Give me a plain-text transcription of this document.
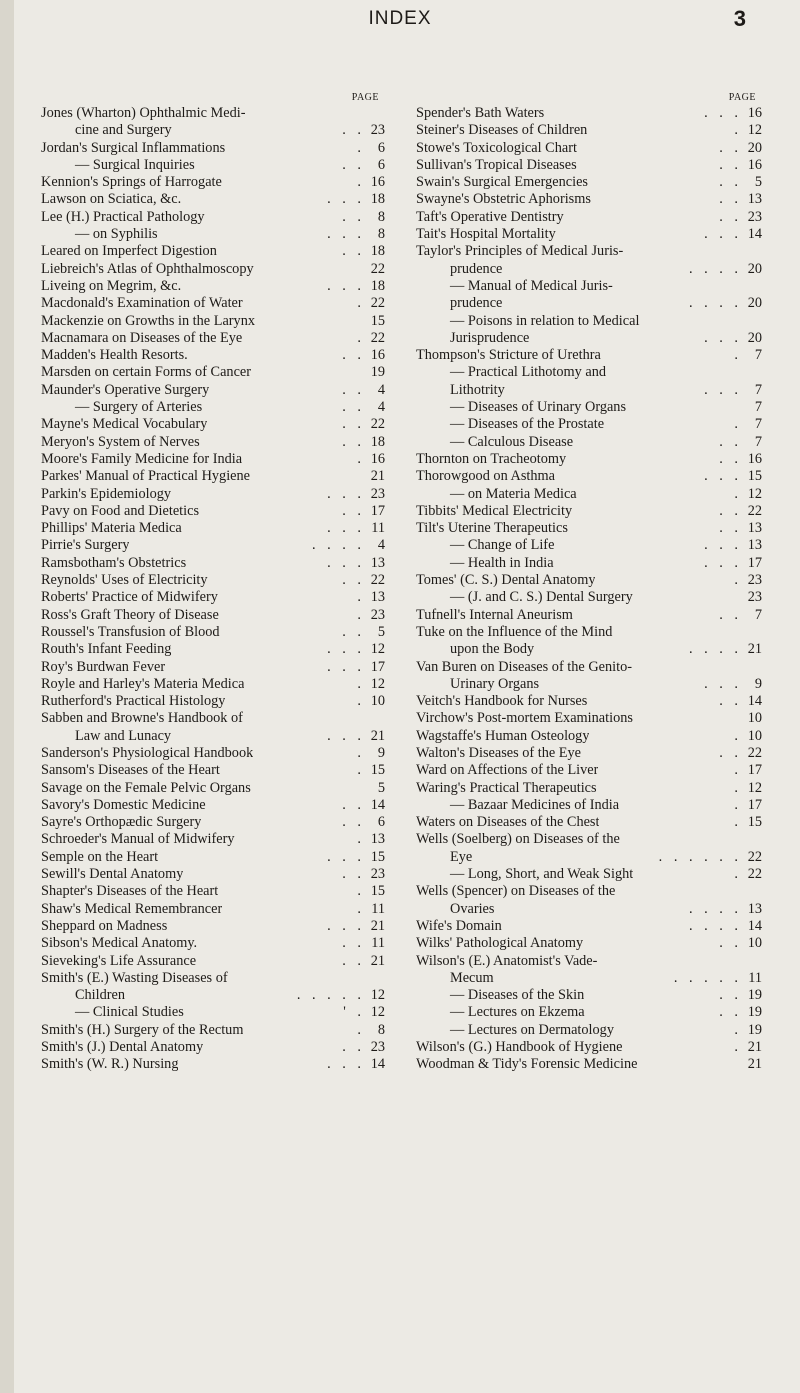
INDEX	3
PAGE
Jones (Wharton) Ophthalmic Medi-
cine and Surgery	. . 23
Jordan's Surgical Inflammations	. 6
— Surgical Inquiries	. . 6
Kennion's Springs of Harrogate	. 16
Lawson on Sciatica, &c.	. . . 18
Lee (H.) Practical Pathology	. . 8
— on Syphilis	. . . 8
Leared on Imperfect Digestion	. . 18
Liebreich's Atlas of Ophthalmoscopy	22
Liveing on Megrim, &c.	. . . 18
Macdonald's Examination of Water	. 22
Mackenzie on Growths in the Larynx	15
Macnamara on Diseases of the Eye	. 22
Madden's Health Resorts.	. . 16
Marsden on certain Forms of Cancer	19
Maunder's Operative Surgery	. . 4
— Surgery of Arteries	. . 4
Mayne's Medical Vocabulary	. . 22
Meryon's System of Nerves	. . 18
Moore's Family Medicine for India	. 16
Parkes' Manual of Practical Hygiene	21
Parkin's Epidemiology	. . . 23
Pavy on Food and Dietetics	. . 17
Phillips' Materia Medica	. . . 11
Pirrie's Surgery	. . . . 4
Ramsbotham's Obstetrics	. . . 13
Reynolds' Uses of Electricity	. . 22
Roberts' Practice of Midwifery	. 13
Ross's Graft Theory of Disease	. 23
Roussel's Transfusion of Blood	. . 5
Routh's Infant Feeding	. . . 12
Roy's Burdwan Fever	. . . 17
Royle and Harley's Materia Medica	. 12
Rutherford's Practical Histology	. 10
Sabben and Browne's Handbook of
Law and Lunacy	. . . 21
Sanderson's Physiological Handbook	. 9
Sansom's Diseases of the Heart	. 15
Savage on the Female Pelvic Organs	5
Savory's Domestic Medicine	. . 14
Sayre's Orthopædic Surgery	. . 6
Schroeder's Manual of Midwifery	. 13
Semple on the Heart	. . . 15
Sewill's Dental Anatomy	. . 23
Shapter's Diseases of the Heart	. 15
Shaw's Medical Remembrancer	. 11
Sheppard on Madness	. . . 21
Sibson's Medical Anatomy.	. . 11
Sieveking's Life Assurance	. . 21
Smith's (E.) Wasting Diseases of
Children	. . . . . 12
— Clinical Studies	' . 12
Smith's (H.) Surgery of the Rectum	. 8
Smith's (J.) Dental Anatomy	. . 23
Smith's (W. R.) Nursing	. . . 14
PAGE
Spender's Bath Waters	. . . 16
Steiner's Diseases of Children	. 12
Stowe's Toxicological Chart	. . 20
Sullivan's Tropical Diseases	. . 16
Swain's Surgical Emergencies	. . 5
Swayne's Obstetric Aphorisms	. . 13
Taft's Operative Dentistry	. . 23
Tait's Hospital Mortality	. . . 14
Taylor's Principles of Medical Juris-
prudence	. . . . 20
— Manual of Medical Juris-
prudence	. . . . 20
— Poisons in relation to Medical
Jurisprudence	. . . 20
Thompson's Stricture of Urethra	. 7
— Practical Lithotomy and
Lithotrity	. . . 7
— Diseases of Urinary Organs	7
— Diseases of the Prostate	. 7
— Calculous Disease	. . 7
Thornton on Tracheotomy	. . 16
Thorowgood on Asthma	. . . 15
— on Materia Medica	. 12
Tibbits' Medical Electricity	. . 22
Tilt's Uterine Therapeutics	. . 13
— Change of Life	. . . 13
— Health in India	. . . 17
Tomes' (C. S.) Dental Anatomy	. 23
— (J. and C. S.) Dental Surgery	23
Tufnell's Internal Aneurism	. . 7
Tuke on the Influence of the Mind
upon the Body	. . . . 21
Van Buren on Diseases of the Genito-
Urinary Organs	. . . 9
Veitch's Handbook for Nurses	. . 14
Virchow's Post-mortem Examinations	10
Wagstaffe's Human Osteology	. 10
Walton's Diseases of the Eye	. . 22
Ward on Affections of the Liver	. 17
Waring's Practical Therapeutics	. 12
— Bazaar Medicines of India	. 17
Waters on Diseases of the Chest	. 15
Wells (Soelberg) on Diseases of the
Eye	. . . . . . 22
— Long, Short, and Weak Sight	. 22
Wells (Spencer) on Diseases of the
Ovaries	. . . . 13
Wife's Domain	. . . . 14
Wilks' Pathological Anatomy	. . 10
Wilson's (E.) Anatomist's Vade-
Mecum	. . . . . 11
— Diseases of the Skin	. . 19
— Lectures on Ekzema	. . 19
— Lectures on Dermatology	. 19
Wilson's (G.) Handbook of Hygiene	. 21
Woodman & Tidy's Forensic Medicine	21
